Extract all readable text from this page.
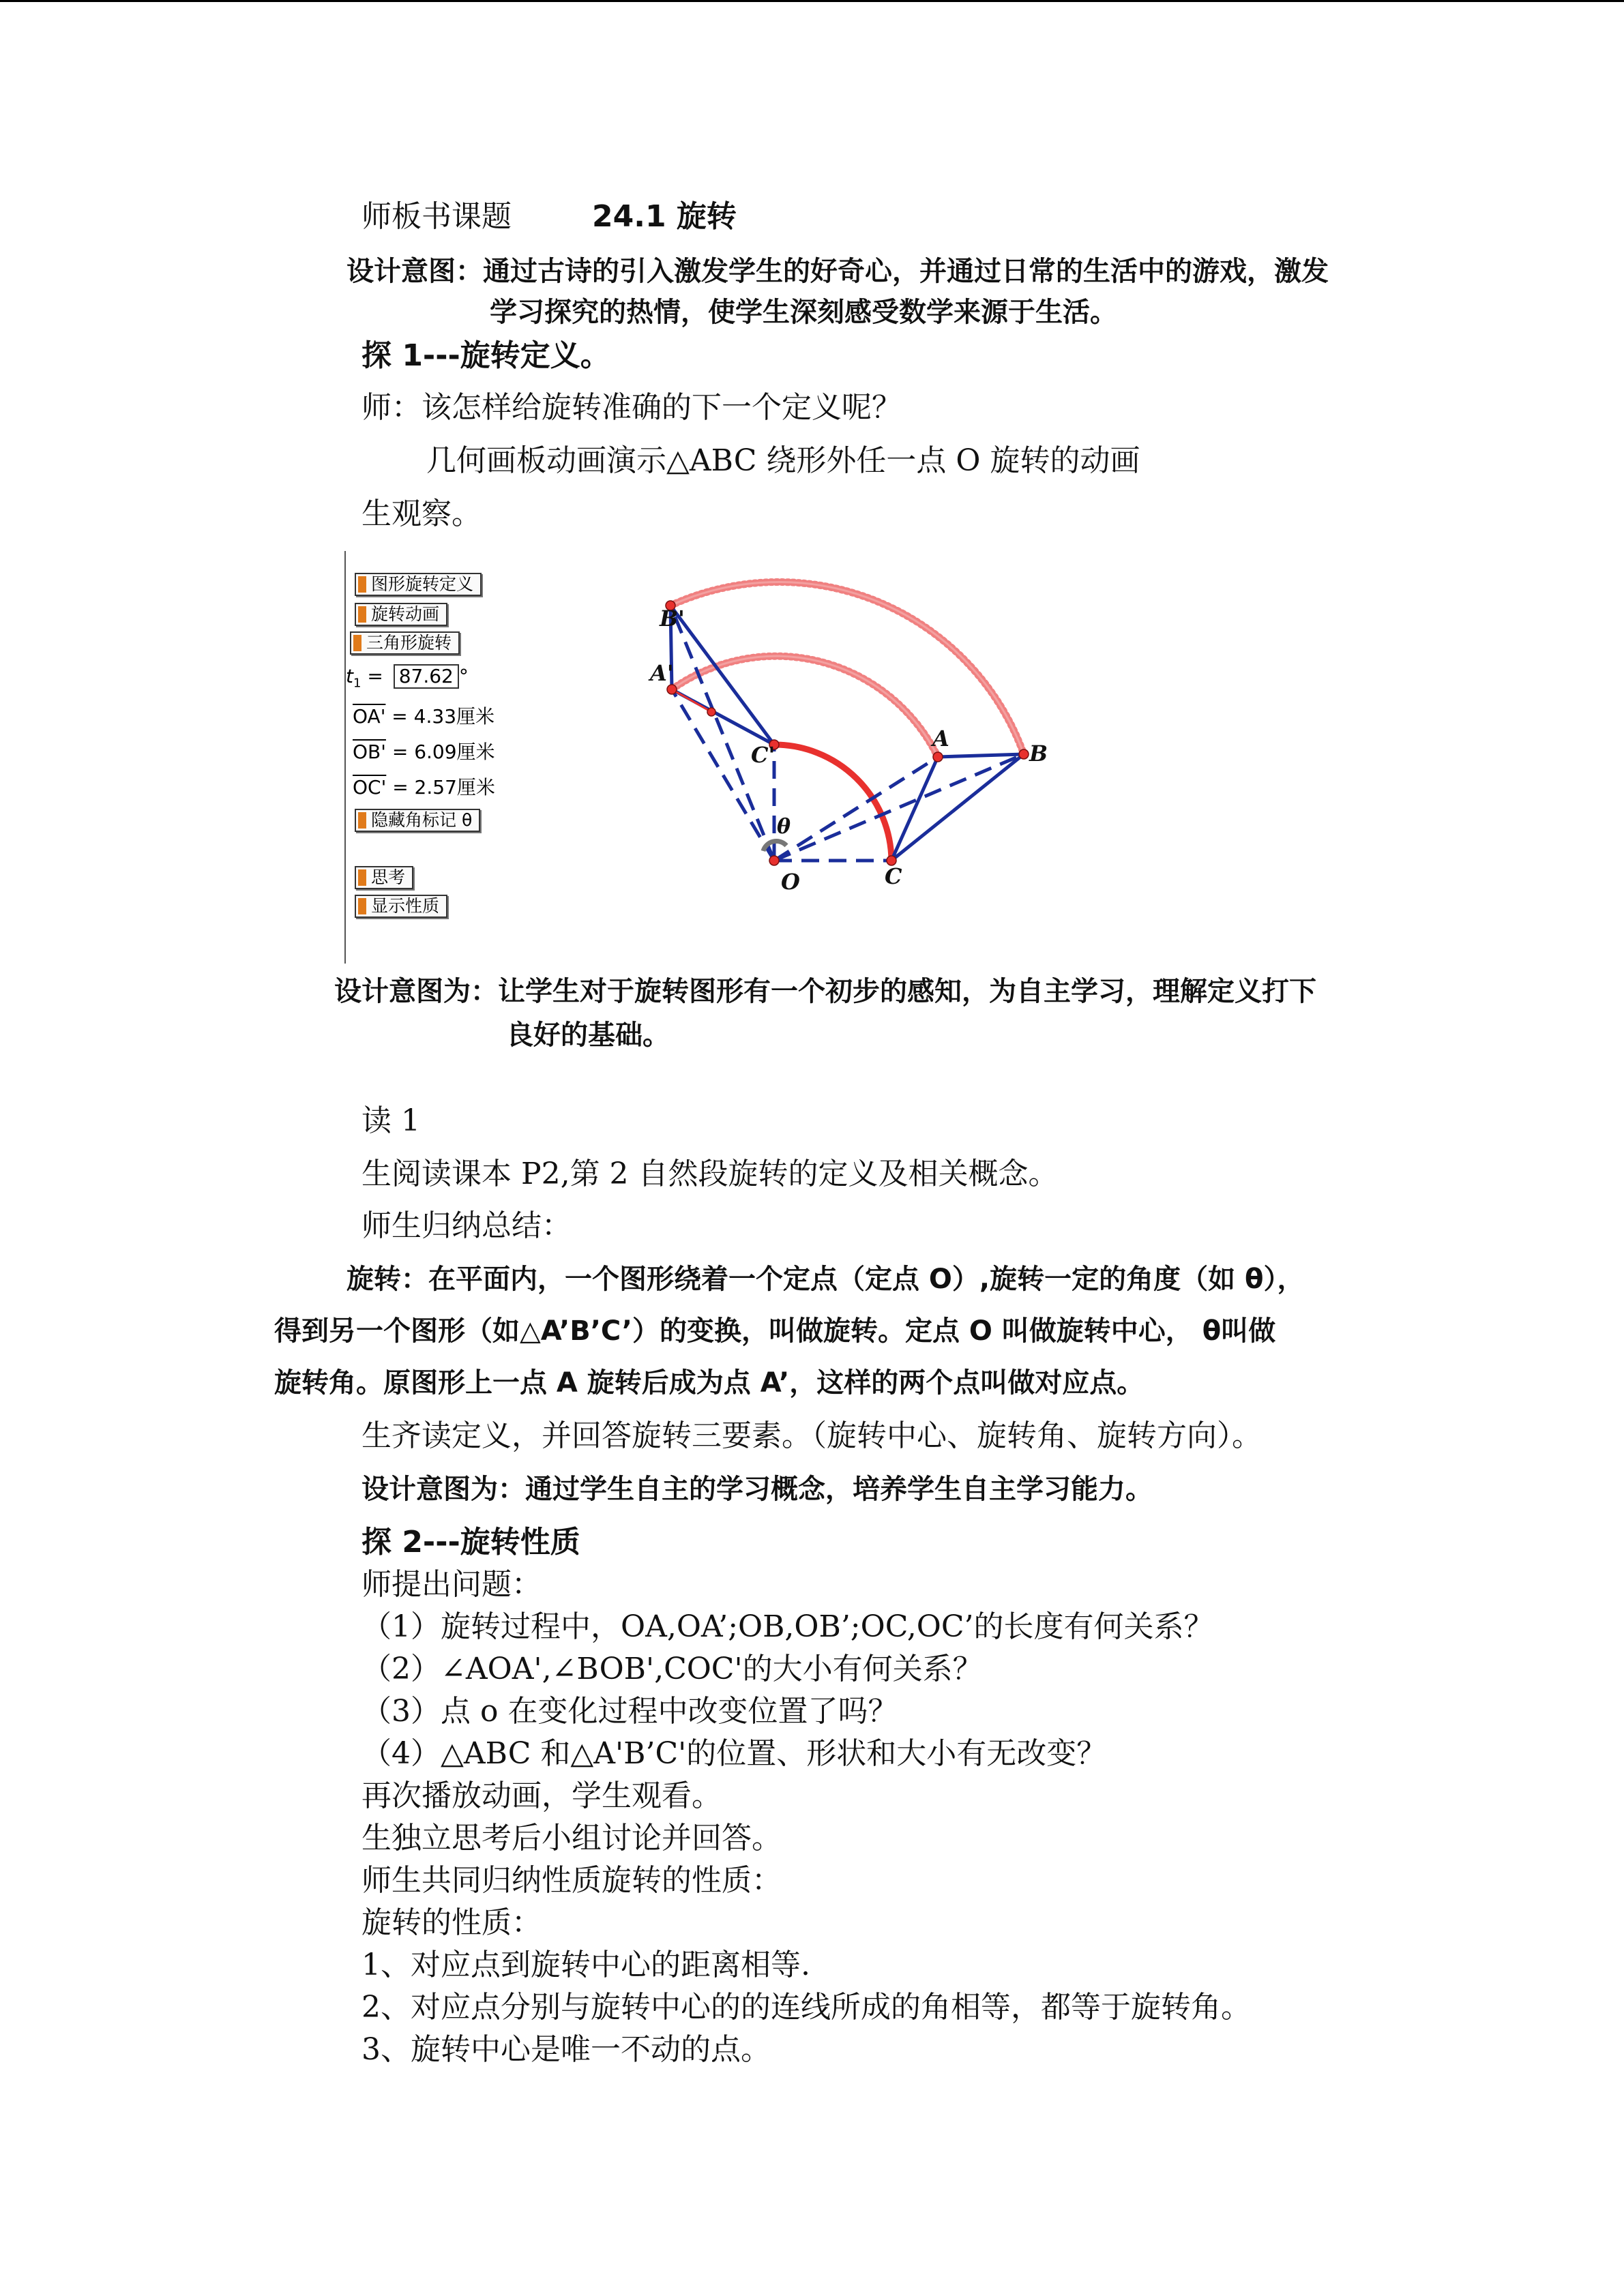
师板书课题	24.1 旋转
设计意图：通过古诗的引入激发学生的好奇心，并通过日常的生活中的游戏，激发
学习探究的热情，使学生深刻感受数学来源于生活。
探 1---旋转定义。
师：该怎样给旋转准确的下一个定义呢？
几何画板动画演示△ABC 绕形外任一点 O 旋转的动画
生观察。
图形旋转定义
旋转动画
三角形旋转
$t_1 = 87.62$ °
OA' = 4.33厘米
OB' = 6.09厘米
OC' = 2.57厘米
隐藏角标记 θ
思考
显示性质
B'
A'
C'
A
B
C
O
θ
设计意图为：让学生对于旋转图形有一个初步的感知，为自主学习，理解定义打下
良好的基础。
读 1
生阅读课本 P2,第 2 自然段旋转的定义及相关概念。
师生归纳总结：
旋转：在平面内，一个图形绕着一个定点（定点 O）,旋转一定的角度（如 θ），
得到另一个图形（如△A’B’C’）的变换，叫做旋转。定点 O 叫做旋转中心， θ叫做
旋转角。原图形上一点 A 旋转后成为点 A’，这样的两个点叫做对应点。
生齐读定义，并回答旋转三要素。（旋转中心、旋转角、旋转方向）。
设计意图为：通过学生自主的学习概念，培养学生自主学习能力。
探 2---旋转性质
师提出问题：
（1）旋转过程中，OA,OA’;OB,OB’;OC,OC’的长度有何关系？
（2）∠AOA',∠BOB',COC'的大小有何关系？
（3）点 o 在变化过程中改变位置了吗？
（4）△ABC 和△A'B’C'的位置、形状和大小有无改变？
再次播放动画，学生观看。
生独立思考后小组讨论并回答。
师生共同归纳性质旋转的性质：
旋转的性质：
1、对应点到旋转中心的距离相等.
2、对应点分别与旋转中心的的连线所成的角相等，都等于旋转角。
3、旋转中心是唯一不动的点。
